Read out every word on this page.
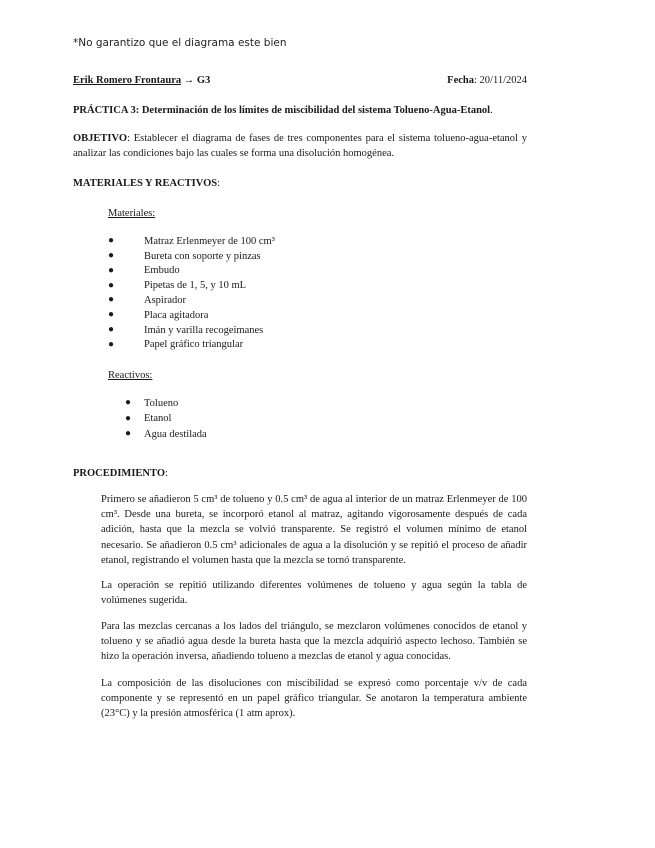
*No garantizo que el diagrama este bien
Erik Romero Frontaura → G3	Fecha: 20/11/2024
PRÁCTICA 3: Determinación de los límites de miscibilidad del sistema Tolueno-Agua-Etanol.
OBJETIVO: Establecer el diagrama de fases de tres componentes para el sistema tolueno-agua-etanol y analizar las condiciones bajo las cuales se forma una disolución homogénea.
MATERIALES Y REACTIVOS:
Materiales:
●	Matraz Erlenmeyer de 100 cm³
●	Bureta con soporte y pinzas
●	Embudo
●	Pipetas de 1, 5, y 10 mL
●	Aspirador
●	Placa agitadora
●	Imán y varilla recogeimanes
●	Papel gráfico triangular
Reactivos:
●	Tolueno
●	Etanol
●	Agua destilada
PROCEDIMIENTO:

Primero se añadieron 5 cm³ de tolueno y 0.5 cm³ de agua al interior de un matraz Erlenmeyer de 100 cm³. Desde una bureta, se incorporó etanol al matraz, agitando vigorosamente después de cada adición, hasta que la mezcla se volvió transparente. Se registró el volumen mínimo de etanol necesario. Se añadieron 0.5 cm³ adicionales de agua a la disolución y se repitió el proceso de añadir etanol, registrando el volumen hasta que la mezcla se tornó transparente.

La operación se repitió utilizando diferentes volúmenes de tolueno y agua según la tabla de volúmenes sugerida.

Para las mezclas cercanas a los lados del triángulo, se mezclaron volúmenes conocidos de etanol y tolueno y se añadió agua desde la bureta hasta que la mezcla adquirió aspecto lechoso. También se hizo la operación inversa, añadiendo tolueno a mezclas de etanol y agua conocidas.

La composición de las disoluciones con miscibilidad se expresó como porcentaje v/v de cada componente y se representó en un papel gráfico triangular. Se anotaron la temperatura ambiente (23°C) y la presión atmosférica (1 atm aprox).
